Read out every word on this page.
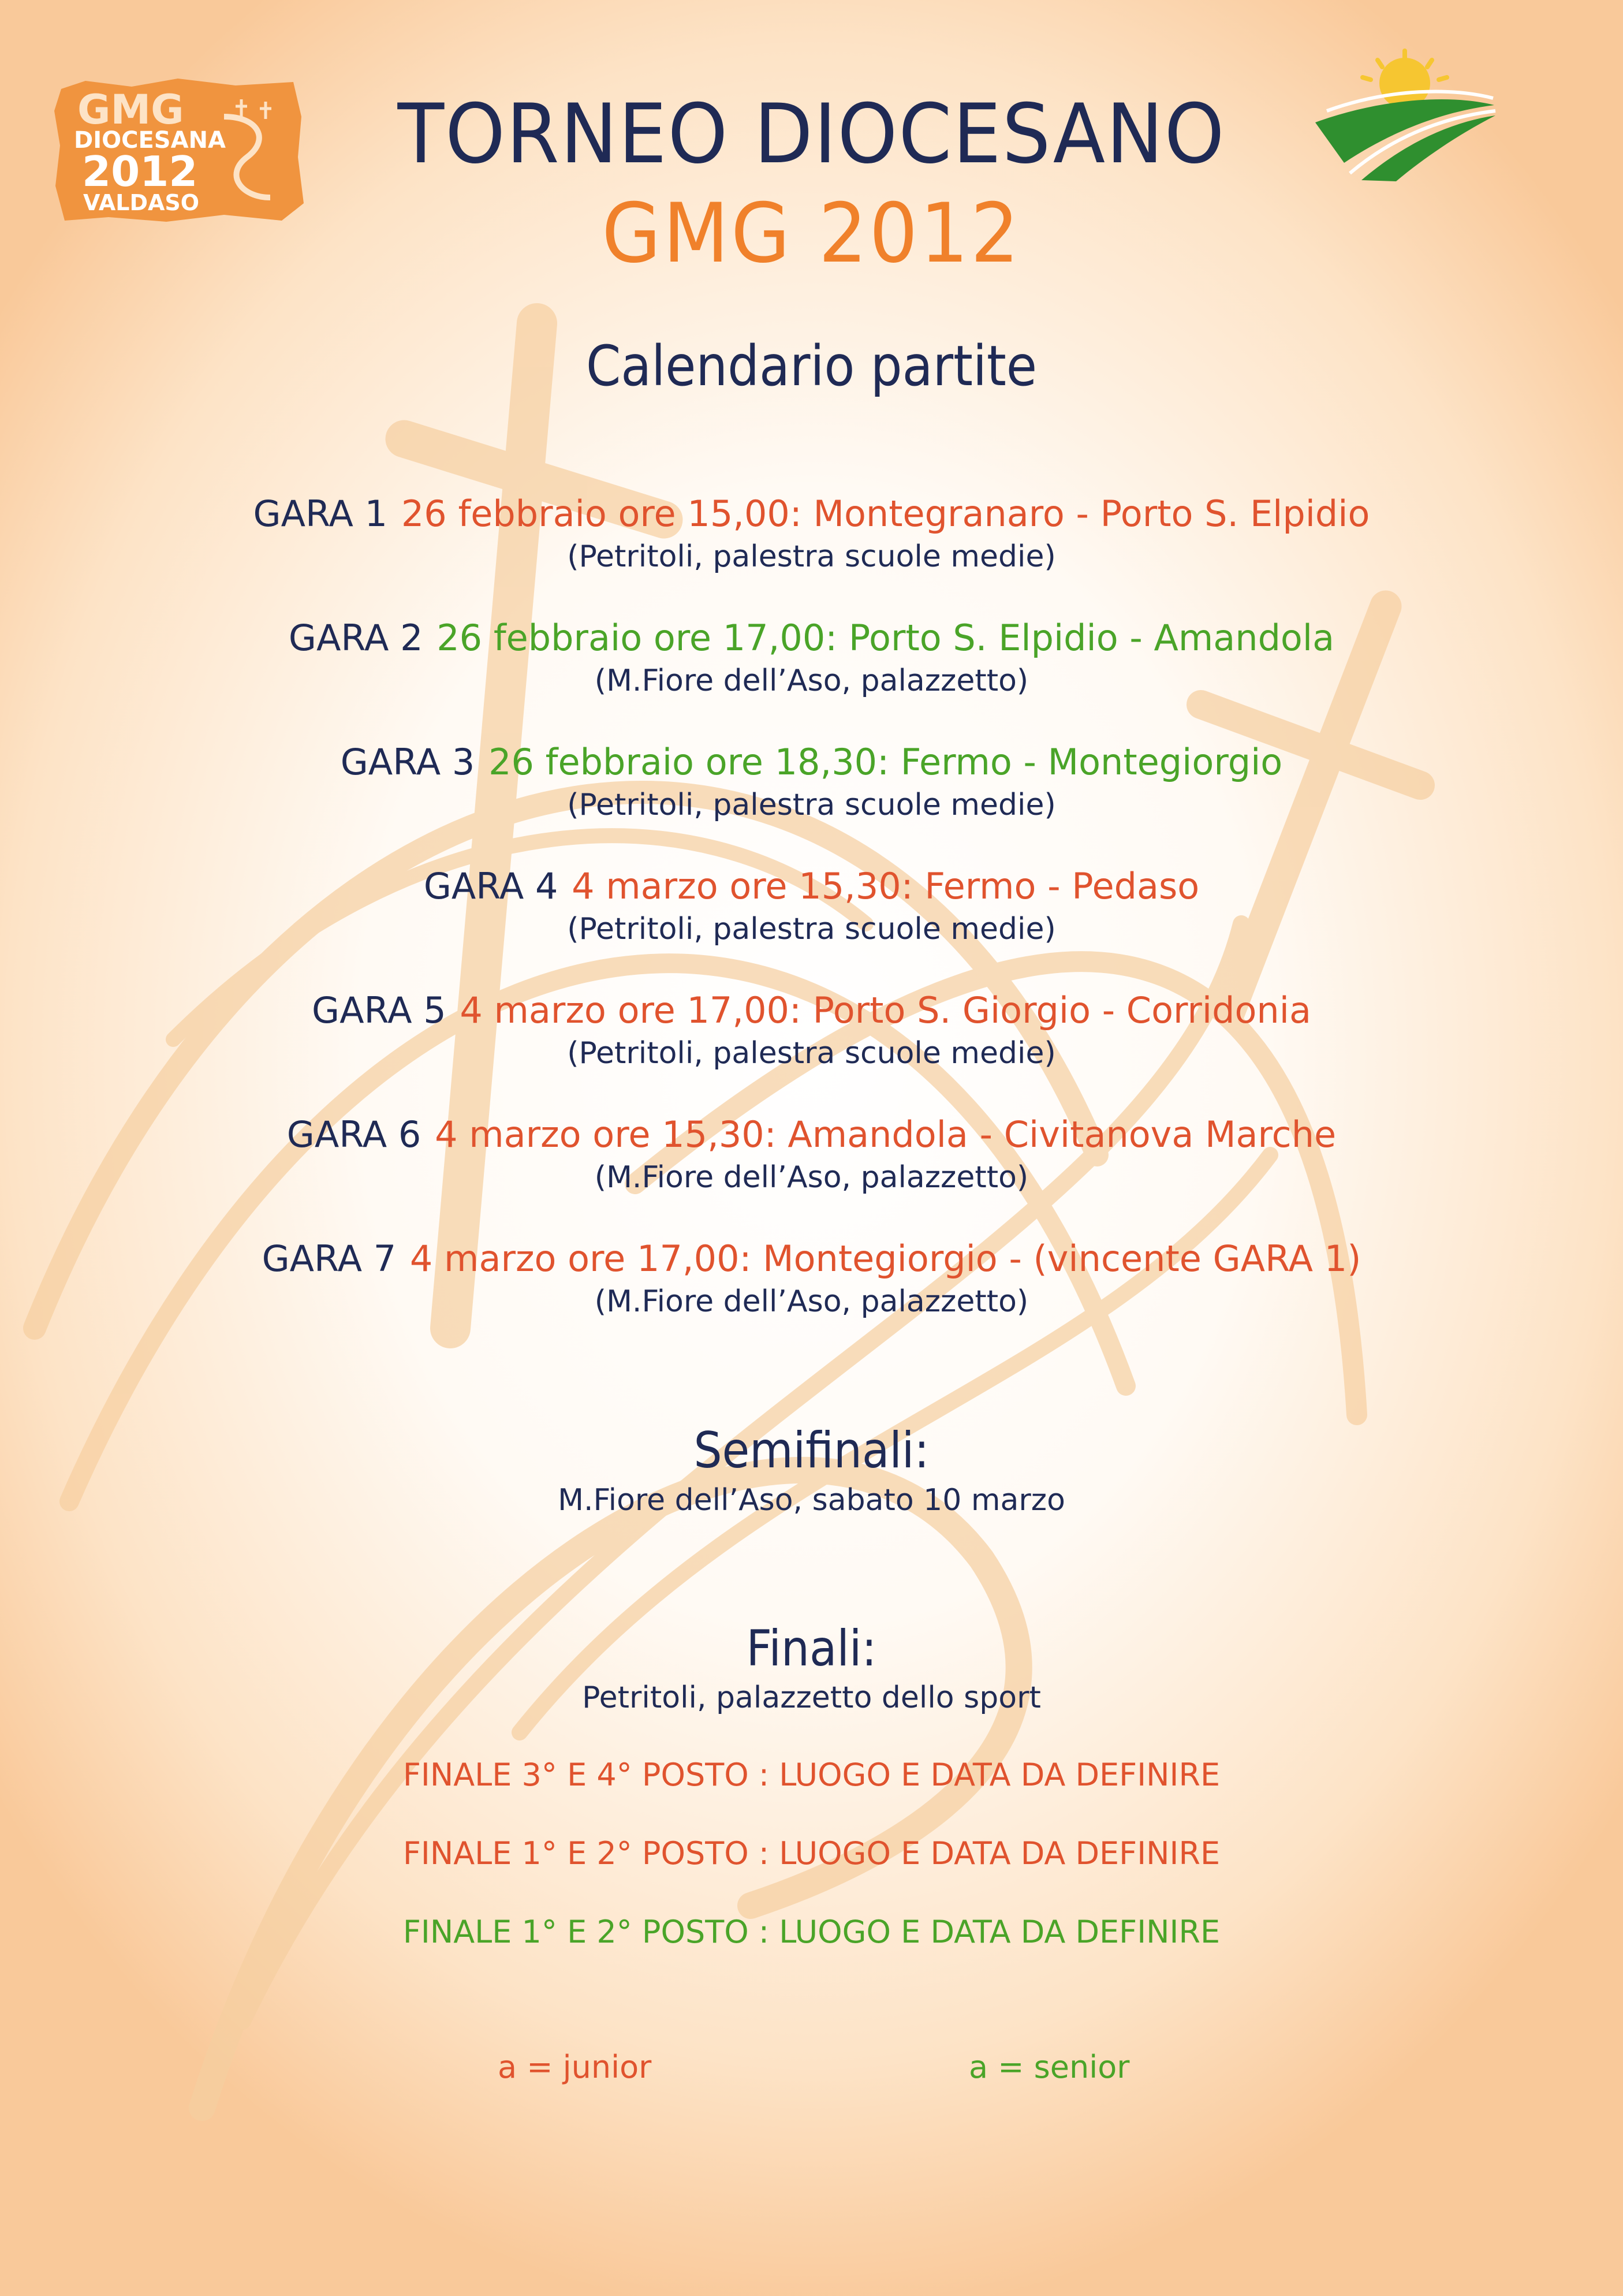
GMG
DIOCESANA
2012
VALDASO
TORNEO DIOCESANO
GMG 2012
Calendario partite
GARA 1 26 febbraio ore 15,00: Montegranaro - Porto S. Elpidio
(Petritoli, palestra scuole medie)
GARA 2 26 febbraio ore 17,00: Porto S. Elpidio - Amandola
(M.Fiore dell’Aso, palazzetto)
GARA 3 26 febbraio ore 18,30: Fermo - Montegiorgio
(Petritoli, palestra scuole medie)
GARA 4 4 marzo ore 15,30: Fermo - Pedaso
(Petritoli, palestra scuole medie)
GARA 5 4 marzo ore 17,00: Porto S. Giorgio - Corridonia
(Petritoli, palestra scuole medie)
GARA 6 4 marzo ore 15,30: Amandola - Civitanova Marche
(M.Fiore dell’Aso, palazzetto)
GARA 7 4 marzo ore 17,00: Montegiorgio - (vincente GARA 1)
(M.Fiore dell’Aso, palazzetto)
Semifinali:
M.Fiore dell’Aso, sabato 10 marzo
Finali:
Petritoli, palazzetto dello sport
FINALE 3° E 4° POSTO : LUOGO E DATA DA DEFINIRE
FINALE 1° E 2° POSTO : LUOGO E DATA DA DEFINIRE
FINALE 1° E 2° POSTO : LUOGO E DATA DA DEFINIRE
a = junior	a = senior
